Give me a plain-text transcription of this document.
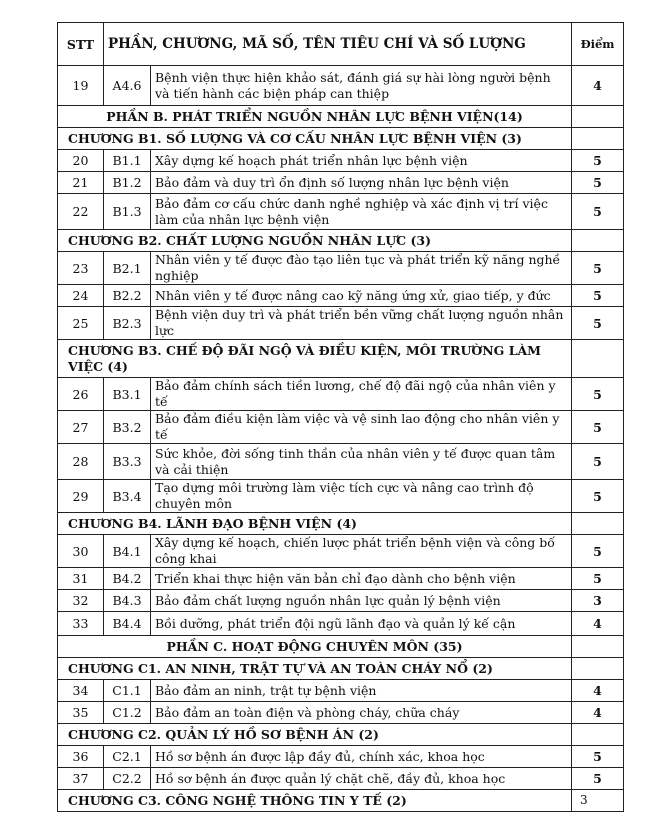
STT	PHẦN, CHƯƠNG, MÃ SỐ, TÊN TIÊU CHÍ VÀ SỐ LƯỢNG		Điểm
19	A4.6	Bệnh viện thực hiện khảo sát, đánh giá sự hài lòng người bệnh và tiến hành các biện pháp can thiệp	4
PHẦN B. PHÁT TRIỂN NGUỒN NHÂN LỰC BỆNH VIỆN(14)			
CHƯƠNG B1. SỐ LƯỢNG VÀ CƠ CẤU NHÂN LỰC BỆNH VIỆN (3)			
20	B1.1	Xây dựng kế hoạch phát triển nhân lực bệnh viện	5
21	B1.2	Bảo đảm và duy trì ổn định số lượng nhân lực bệnh viện	5
22	B1.3	Bảo đảm cơ cấu chức danh nghề nghiệp và xác định vị trí việc làm của nhân lực bệnh viện	5
CHƯƠNG B2. CHẤT LƯỢNG NGUỒN NHÂN LỰC (3)			
23	B2.1	Nhân viên y tế được đào tạo liên tục và phát triển kỹ năng nghề nghiệp	5
24	B2.2	Nhân viên y tế được nâng cao kỹ năng ứng xử, giao tiếp, y đức	5
25	B2.3	Bệnh viện duy trì và phát triển bền vững chất lượng nguồn nhân lực	5
CHƯƠNG B3. CHẾ ĐỘ ĐÃI NGỘ VÀ ĐIỀU KIỆN, MÔI TRƯỜNG LÀM VIỆC (4)			
26	B3.1	Bảo đảm chính sách tiền lương, chế độ đãi ngộ của nhân viên y tế	5
27	B3.2	Bảo đảm điều kiện làm việc và vệ sinh lao động cho nhân viên y tế	5
28	B3.3	Sức khỏe, đời sống tinh thần của nhân viên y tế được quan tâm và cải thiện	5
29	B3.4	Tạo dựng môi trường làm việc tích cực và nâng cao trình độ chuyên môn	5
CHƯƠNG B4. LÃNH ĐẠO BỆNH VIỆN (4)			
30	B4.1	Xây dựng kế hoạch, chiến lược phát triển bệnh viện và công bố công khai	5
31	B4.2	Triển khai thực hiện văn bản chỉ đạo dành cho bệnh viện	5
32	B4.3	Bảo đảm chất lượng nguồn nhân lực quản lý bệnh viện	3
33	B4.4	Bồi dưỡng, phát triển đội ngũ lãnh đạo và quản lý kế cận	4
PHẦN C. HOẠT ĐỘNG CHUYÊN MÔN (35)			
CHƯƠNG C1. AN NINH, TRẬT TỰ VÀ AN TOÀN CHÁY NỔ (2)			
34	C1.1	Bảo đảm an ninh, trật tự bệnh viện	4
35	C1.2	Bảo đảm an toàn điện và phòng cháy, chữa cháy	4
CHƯƠNG C2. QUẢN LÝ HỒ SƠ BỆNH ÁN (2)			
36	C2.1	Hồ sơ bệnh án được lập đầy đủ, chính xác, khoa học	5
37	C2.2	Hồ sơ bệnh án được quản lý chặt chẽ, đầy đủ, khoa học	5
CHƯƠNG C3. CÔNG NGHỆ THÔNG TIN Y TẾ (2)				3
